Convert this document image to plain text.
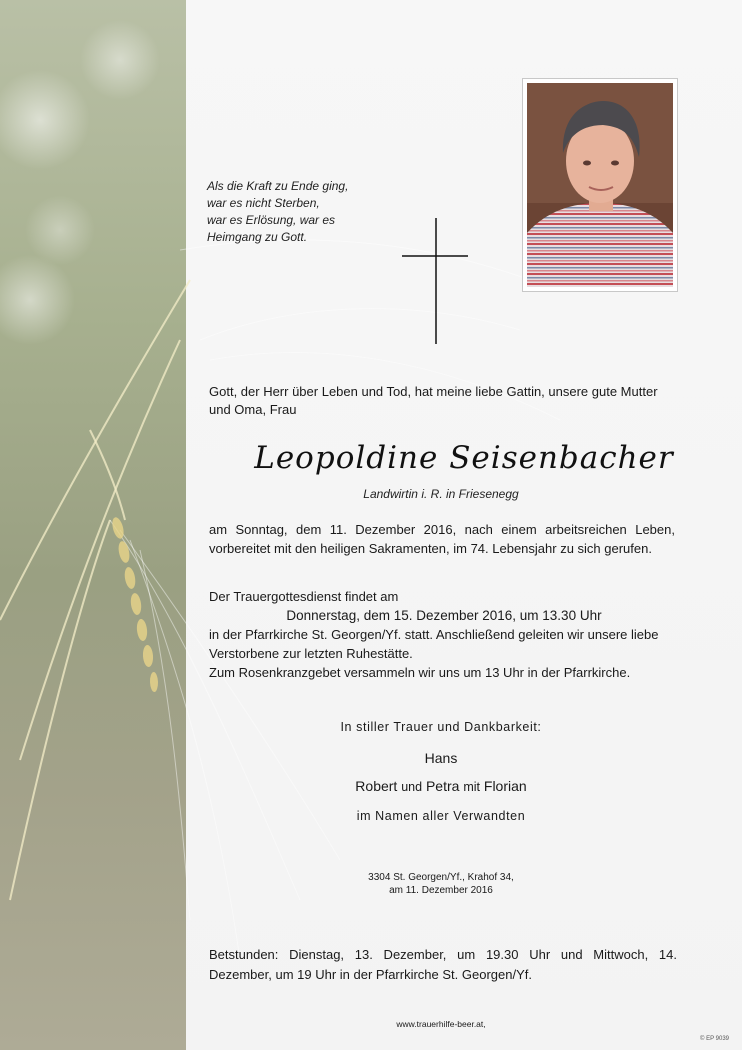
Als die Kraft zu Ende ging,
war es nicht Sterben,
war es Erlösung, war es
Heimgang zu Gott.
Gott, der Herr über Leben und Tod, hat meine liebe Gattin, unsere gute Mutter und Oma, Frau
Leopoldine Seisenbacher
Landwirtin i. R. in Friesenegg
am Sonntag, dem 11. Dezember 2016, nach einem arbeitsreichen Leben, vorbereitet mit den heiligen Sakramenten, im 74. Lebensjahr zu sich gerufen.
Der Trauergottesdienst findet am
Donnerstag, dem 15. Dezember 2016, um 13.30 Uhr
in der Pfarrkirche St. Georgen/Yf. statt. Anschließend geleiten wir unsere liebe Verstorbene zur letzten Ruhestätte.
Zum Rosenkranzgebet versammeln wir uns um 13 Uhr in der Pfarrkirche.
In stiller Trauer und Dankbarkeit:
Hans
Robert und Petra mit Florian
im Namen aller Verwandten
3304 St. Georgen/Yf., Krahof 34,
am 11. Dezember 2016
Betstunden: Dienstag, 13. Dezember, um 19.30 Uhr und Mittwoch, 14. Dezember, um 19 Uhr in der Pfarrkirche St. Georgen/Yf.
www.trauerhilfe-beer.at,
© EP 9039
